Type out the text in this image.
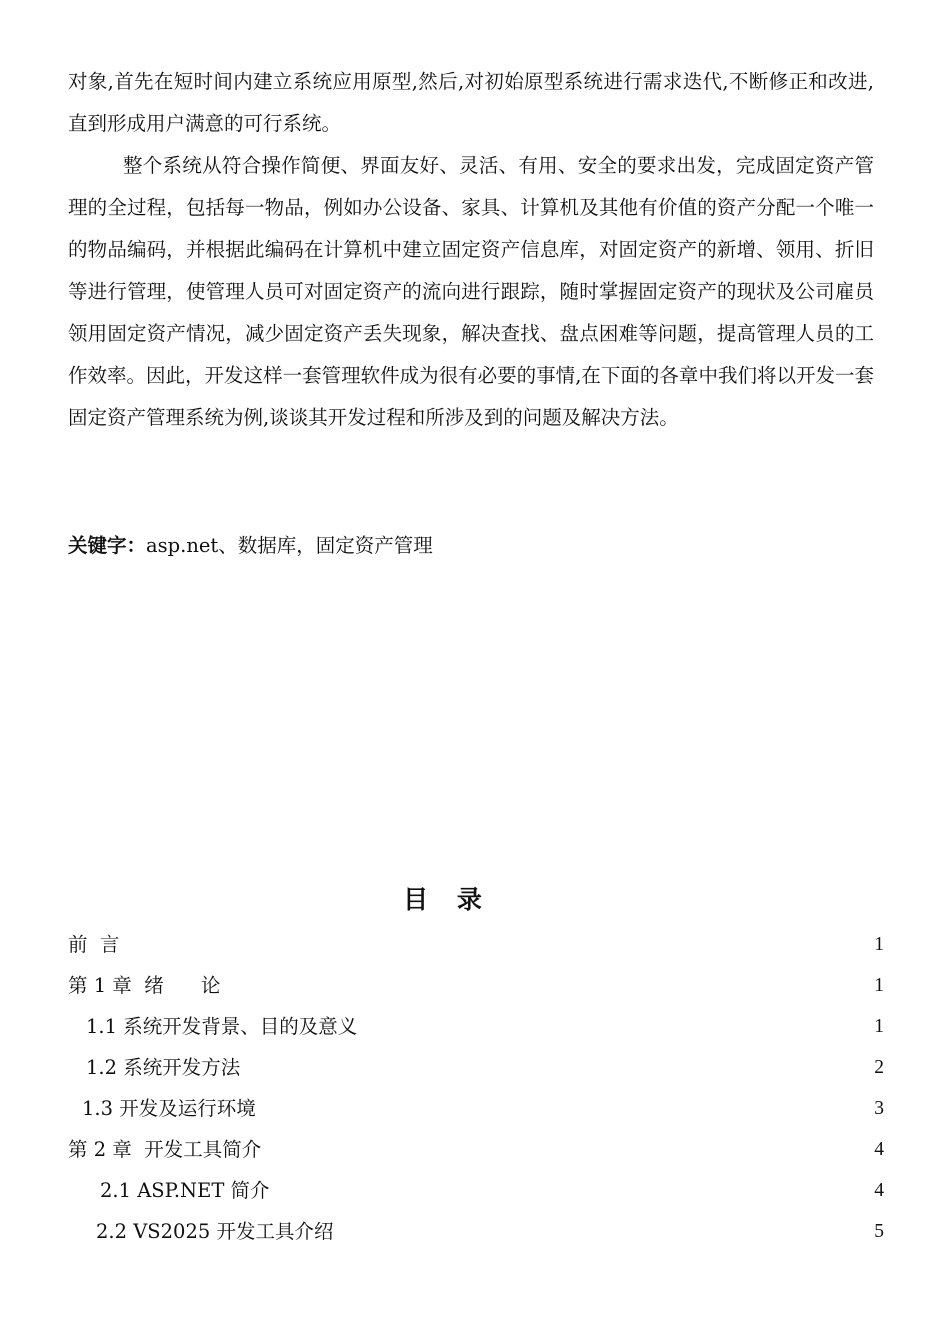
对象,首先在短时间内建立系统应用原型,然后,对初始原型系统进行需求迭代,不断修正和改进,直到形成用户满意的可行系统。

整个系统从符合操作简便、界面友好、灵活、有用、安全的要求出发，完成固定资产管理的全过程，包括每一物品，例如办公设备、家具、计算机及其他有价值的资产分配一个唯一的物品编码，并根据此编码在计算机中建立固定资产信息库，对固定资产的新增、领用、折旧等进行管理，使管理人员可对固定资产的流向进行跟踪，随时掌握固定资产的现状及公司雇员领用固定资产情况，减少固定资产丢失现象，解决查找、盘点困难等问题，提高管理人员的工作效率。因此，开发这样一套管理软件成为很有必要的事情,在下面的各章中我们将以开发一套固定资产管理系统为例,谈谈其开发过程和所涉及到的问题及解决方法。

关键字：asp.net、数据库，固定资产管理
目 录
前  言	1
第 1 章  绪      论	1
1.1 系统开发背景、目的及意义	1
1.2 系统开发方法	2
1.3 开发及运行环境	3
第 2 章  开发工具简介	4
2.1 ASP.NET 简介	4
2.2 VS2025 开发工具介绍	5
